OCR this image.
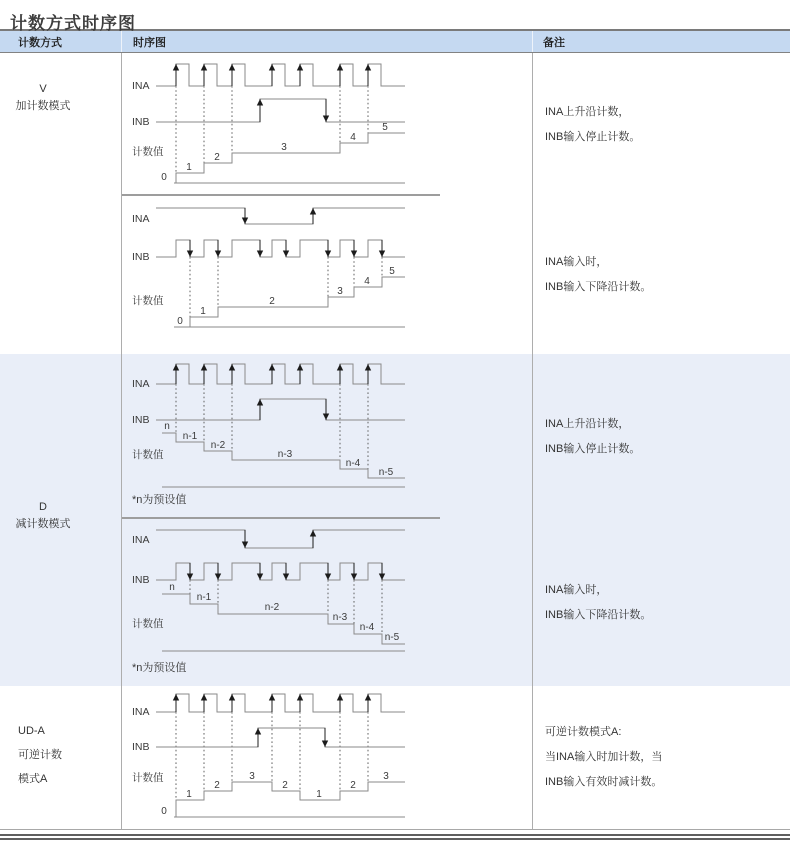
计数方式时序图
计数方式	时序图	备注
INA
INB
计数值
0
1
2
3
4
5
INA上升沿计数，
INB输入停止计数。
INA
INB
计数值
0
1
2
3
4
5
INA输入时，
INB输入下降沿计数。
INA
INB
计数值
n
n-1
n-2
n-3
n-4
n-5
*n为预设值
INA上升沿计数，
INB输入停止计数。
INA
INB
计数值
n
n-1
n-2
n-3
n-4
n-5
*n为预设值
INA输入时，
INB输入下降沿计数。
INA
INB
计数值
0
1
2
3
2
1
2
3
可逆计数模式A:
当INA输入时加计数，当
INB输入有效时减计数。
V
加计数模式
D
减计数模式
UD-A
可逆计数
模式A
